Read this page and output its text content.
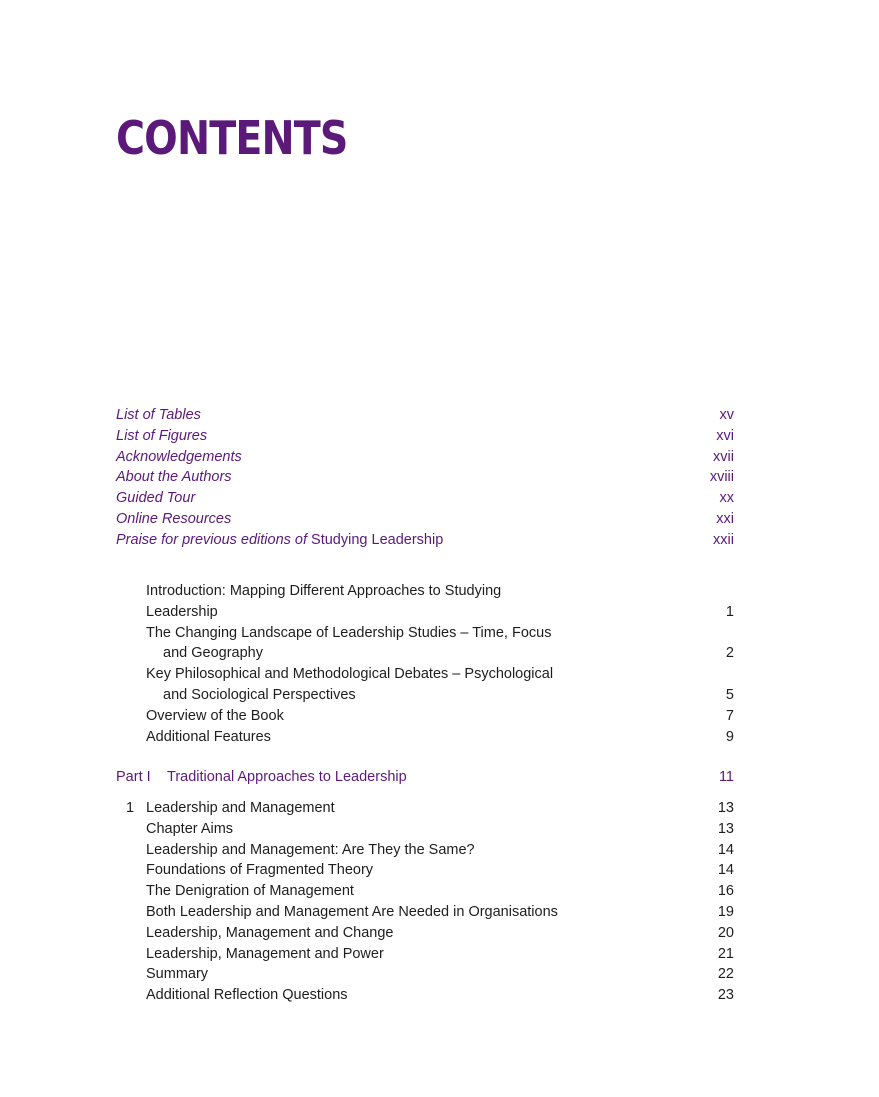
CONTENTS
List of Tables	xv
List of Figures	xvi
Acknowledgements	xvii
About the Authors	xviii
Guided Tour	xx
Online Resources	xxi
Praise for previous editions of Studying Leadership	xxii
Introduction: Mapping Different Approaches to Studying
Leadership	1
The Changing Landscape of Leadership Studies – Time, Focus
and Geography	2
Key Philosophical and Methodological Debates – Psychological
and Sociological Perspectives	5
Overview of the Book	7
Additional Features	9
Part I Traditional Approaches to Leadership	11
1 Leadership and Management	13
Chapter Aims	13
Leadership and Management: Are They the Same?	14
Foundations of Fragmented Theory	14
The Denigration of Management	16
Both Leadership and Management Are Needed in Organisations	19
Leadership, Management and Change	20
Leadership, Management and Power	21
Summary	22
Additional Reflection Questions	23
